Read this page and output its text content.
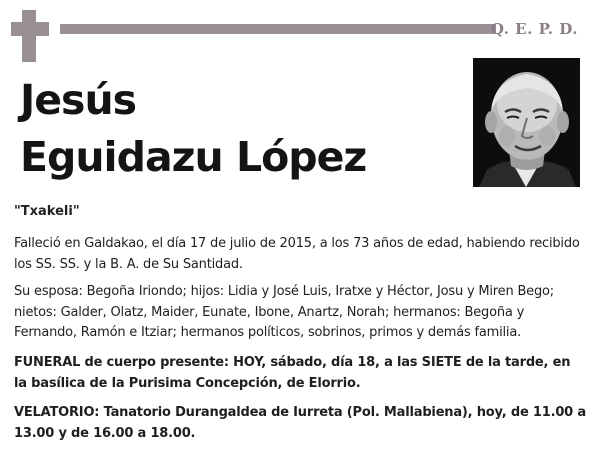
Q. E. P. D.
Jesús
Eguidazu López
"Txakeli"
Falleció en Galdakao, el día 17 de julio de 2015, a los 73 años de edad, habiendo recibido los SS. SS. y la B. A. de Su Santidad.
Su esposa: Begoña Iriondo; hijos: Lidia y José Luis, Iratxe y Héctor, Josu y Miren Bego; nietos: Galder, Olatz, Maider, Eunate, Ibone, Anartz, Norah; hermanos: Begoña y Fernando, Ramón e Itziar; hermanos políticos, sobrinos, primos y demás familia.
FUNERAL de cuerpo presente: HOY, sábado, día 18, a las SIETE de la tarde, en la basílica de la Purisima Concepción, de Elorrio.
VELATORIO: Tanatorio Durangaldea de Iurreta (Pol. Mallabiena), hoy, de 11.00 a 13.00 y de 16.00 a 18.00.
